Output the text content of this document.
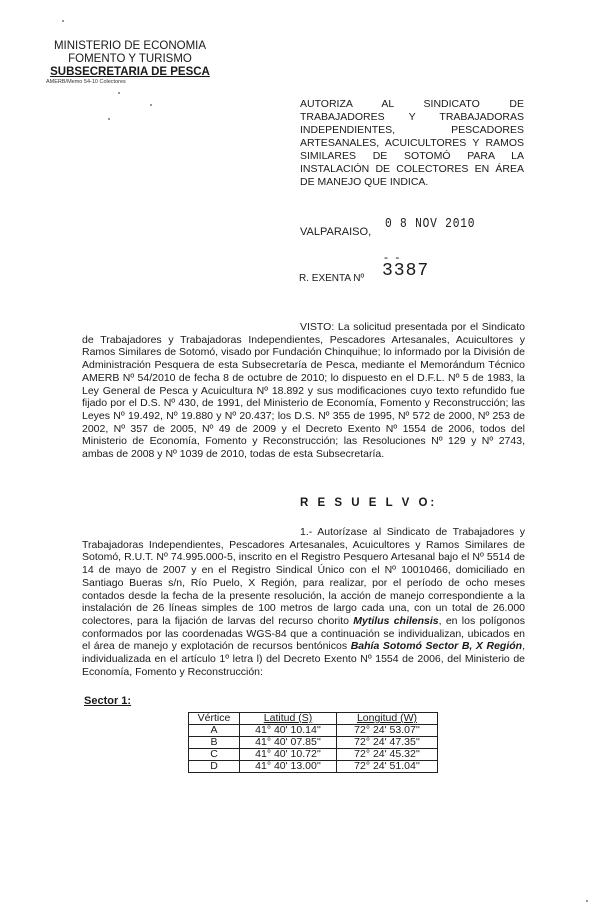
MINISTERIO DE ECONOMIA
FOMENTO Y TURISMO
SUBSECRETARIA DE PESCA
AMERB/Memo 54-10 Colectores
AUTORIZA AL SINDICATO DE
TRABAJADORES Y TRABAJADORAS
INDEPENDIENTES, PESCADORES
ARTESANALES, ACUICULTORES Y RAMOS
SIMILARES DE SOTOMÓ PARA LA
INSTALACIÓN DE COLECTORES EN ÁREA
DE MANEJO QUE INDICA.
VALPARAISO, 0 8 NOV 2010
- -
R. EXENTA Nº 3387

VISTO: La solicitud presentada por el Sindicato de Trabajadores y Trabajadoras Independientes, Pescadores Artesanales, Acuicultores y Ramos Similares de Sotomó, visado por Fundación Chinquihue; lo informado por la División de Administración Pesquera de esta Subsecretaría de Pesca, mediante el Memorándum Técnico AMERB Nº 54/2010 de fecha 8 de octubre de 2010; lo dispuesto en el D.F.L. Nº 5 de 1983, la Ley General de Pesca y Acuicultura Nº 18.892 y sus modificaciones cuyo texto refundido fue fijado por el D.S. Nº 430, de 1991, del Ministerio de Economía, Fomento y Reconstrucción; las Leyes Nº 19.492, Nº 19.880 y Nº 20.437; los D.S. Nº 355 de 1995, Nº 572 de 2000, Nº 253 de 2002, Nº 357 de 2005, Nº 49 de 2009 y el Decreto Exento Nº 1554 de 2006, todos del Ministerio de Economía, Fomento y Reconstrucción; las Resoluciones Nº 129 y Nº 2743, ambas de 2008 y Nº 1039 de 2010, todas de esta Subsecretaría.

R E S U E L V O:

1.- Autorízase al Sindicato de Trabajadores y Trabajadoras Independientes, Pescadores Artesanales, Acuicultores y Ramos Similares de Sotomó, R.U.T. Nº 74.995.000-5, inscrito en el Registro Pesquero Artesanal bajo el Nº 5514 de 14 de mayo de 2007 y en el Registro Sindical Único con el Nº 10010466, domiciliado en Santiago Bueras s/n, Río Puelo, X Región, para realizar, por el período de ocho meses contados desde la fecha de la presente resolución, la acción de manejo correspondiente a la instalación de 26 líneas simples de 100 metros de largo cada una, con un total de 26.000 colectores, para la fijación de larvas del recurso chorito Mytilus chilensis, en los polígonos conformados por las coordenadas WGS-84 que a continuación se individualizan, ubicados en el área de manejo y explotación de recursos bentónicos Bahía Sotomó Sector B, X Región, individualizada en el artículo 1º letra l) del Decreto Exento Nº 1554 de 2006, del Ministerio de Economía, Fomento y Reconstrucción:

Sector 1:
Vértice	Latitud (S)	Longitud (W)
A	41° 40' 10.14''	72° 24' 53.07''
B	41° 40' 07.85''	72° 24' 47.35''
C	41° 40' 10.72''	72° 24' 45.32''
D	41° 40' 13.00''	72° 24' 51.04''
